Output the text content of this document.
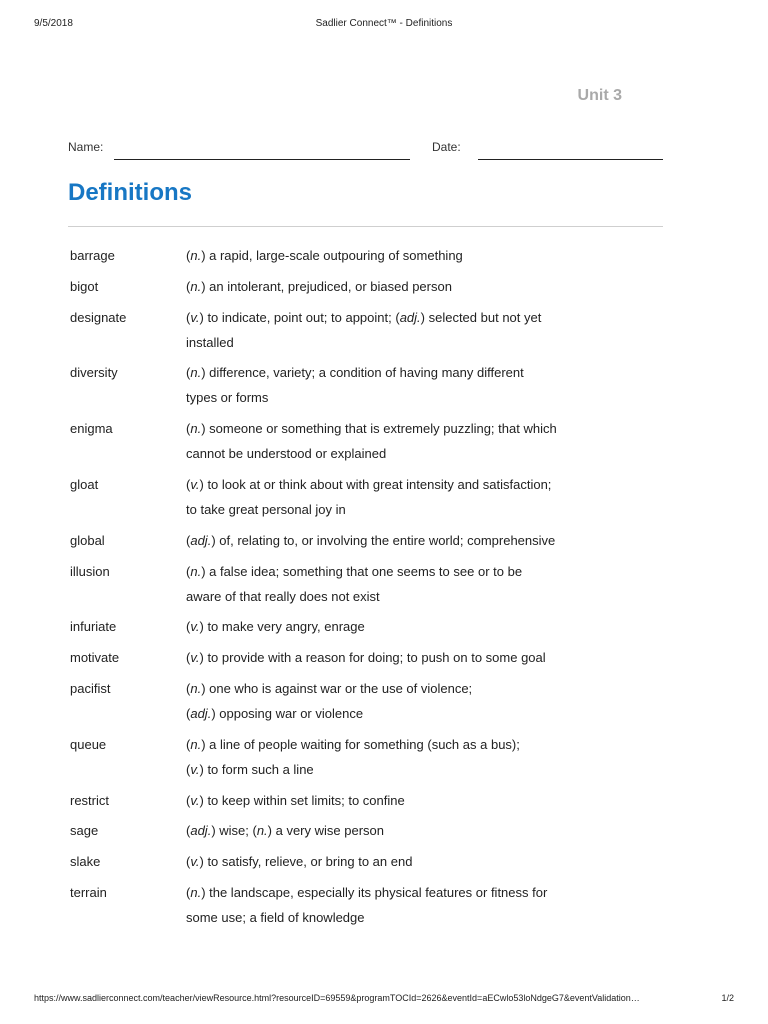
9/5/2018	Sadlier Connect™ - Definitions
Unit 3
Name:	Date:
Definitions
barrage	(n.) a rapid, large-scale outpouring of something
bigot	(n.) an intolerant, prejudiced, or biased person
designate	(v.) to indicate, point out; to appoint; (adj.) selected but not yet
installed
diversity	(n.) difference, variety; a condition of having many different
types or forms
enigma	(n.) someone or something that is extremely puzzling; that which
cannot be understood or explained
gloat	(v.) to look at or think about with great intensity and satisfaction;
to take great personal joy in
global	(adj.) of, relating to, or involving the entire world; comprehensive
illusion	(n.) a false idea; something that one seems to see or to be
aware of that really does not exist
infuriate	(v.) to make very angry, enrage
motivate	(v.) to provide with a reason for doing; to push on to some goal
pacifist	(n.) one who is against war or the use of violence;
(adj.) opposing war or violence
queue	(n.) a line of people waiting for something (such as a bus);
(v.) to form such a line
restrict	(v.) to keep within set limits; to confine
sage	(adj.) wise; (n.) a very wise person
slake	(v.) to satisfy, relieve, or bring to an end
terrain	(n.) the landscape, especially its physical features or fitness for
some use; a field of knowledge
https://www.sadlierconnect.com/teacher/viewResource.html?resourceID=69559&programTOCId=2626&eventId=aECwlo53loNdgeG7&eventValidation…	1/2
